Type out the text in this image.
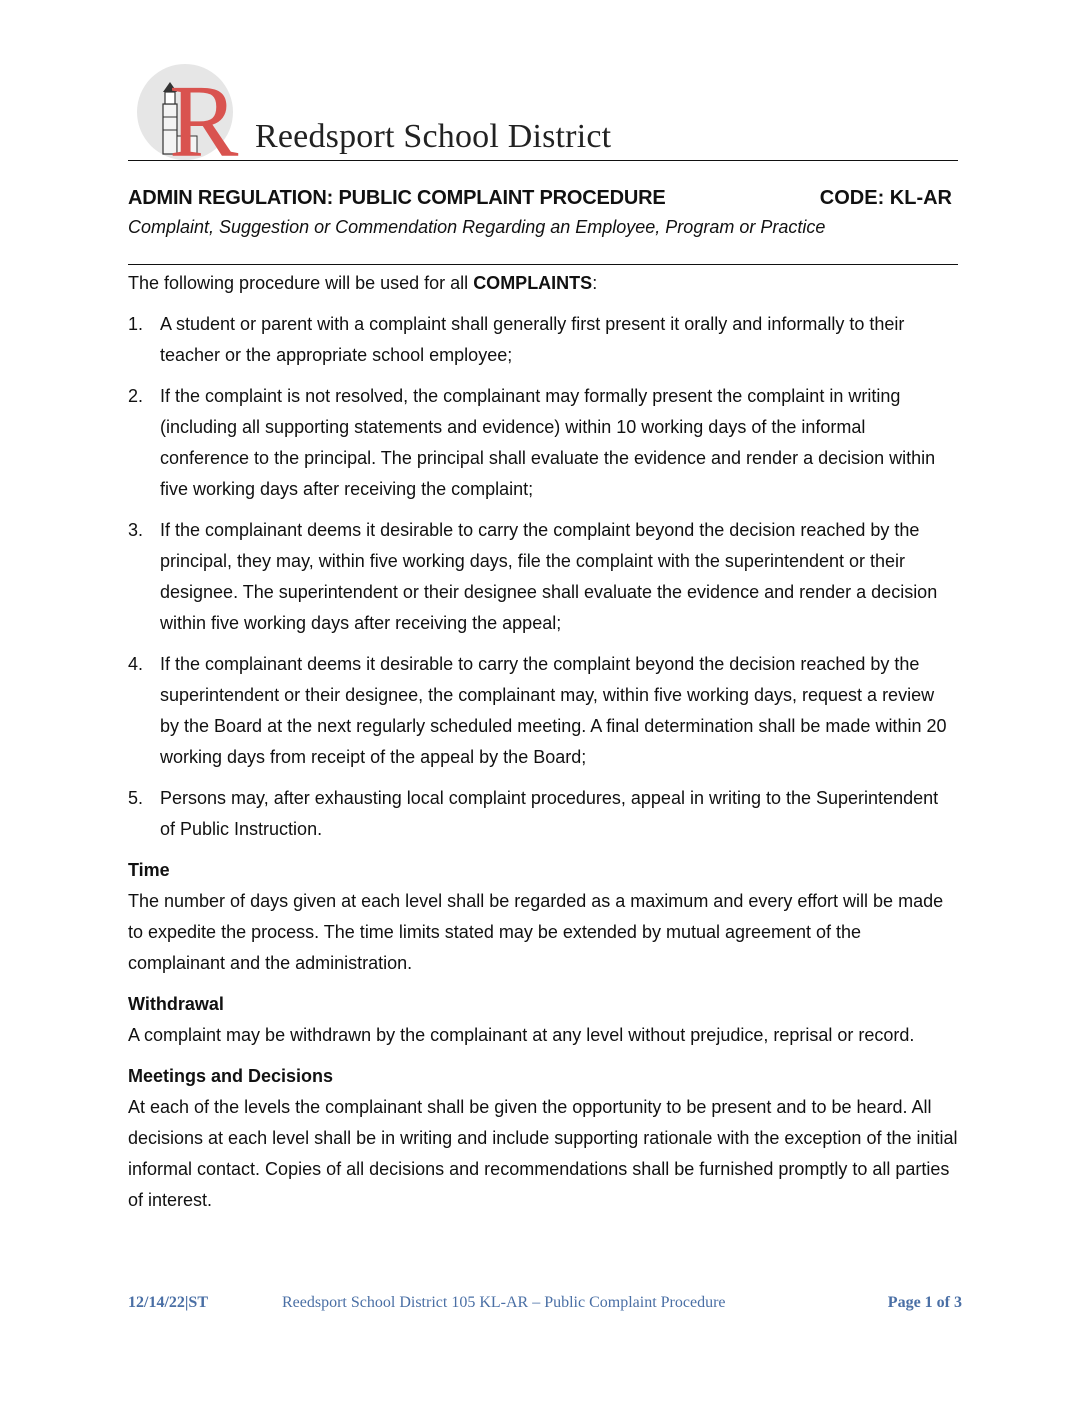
R Reedsport School District
ADMIN REGULATION: PUBLIC COMPLAINT PROCEDURE	CODE: KL-AR
Complaint, Suggestion or Commendation Regarding an Employee, Program or Practice

The following procedure will be used for all COMPLAINTS:

1. A student or parent with a complaint shall generally first present it orally and informally to their teacher or the appropriate school employee;
2. If the complaint is not resolved, the complainant may formally present the complaint in writing (including all supporting statements and evidence) within 10 working days of the informal conference to the principal. The principal shall evaluate the evidence and render a decision within five working days after receiving the complaint;
3. If the complainant deems it desirable to carry the complaint beyond the decision reached by the principal, they may, within five working days, file the complaint with the superintendent or their designee. The superintendent or their designee shall evaluate the evidence and render a decision within five working days after receiving the appeal;
4. If the complainant deems it desirable to carry the complaint beyond the decision reached by the superintendent or their designee, the complainant may, within five working days, request a review by the Board at the next regularly scheduled meeting. A final determination shall be made within 20 working days from receipt of the appeal by the Board;
5. Persons may, after exhausting local complaint procedures, appeal in writing to the Superintendent of Public Instruction.
Time

The number of days given at each level shall be regarded as a maximum and every effort will be made to expedite the process. The time limits stated may be extended by mutual agreement of the complainant and the administration.

Withdrawal

A complaint may be withdrawn by the complainant at any level without prejudice, reprisal or record.

Meetings and Decisions

At each of the levels the complainant shall be given the opportunity to be present and to be heard. All decisions at each level shall be in writing and include supporting rationale with the exception of the initial informal contact. Copies of all decisions and recommendations shall be furnished promptly to all parties of interest.

12/14/22|ST	Reedsport School District 105 KL-AR – Public Complaint Procedure	Page 1 of 3
